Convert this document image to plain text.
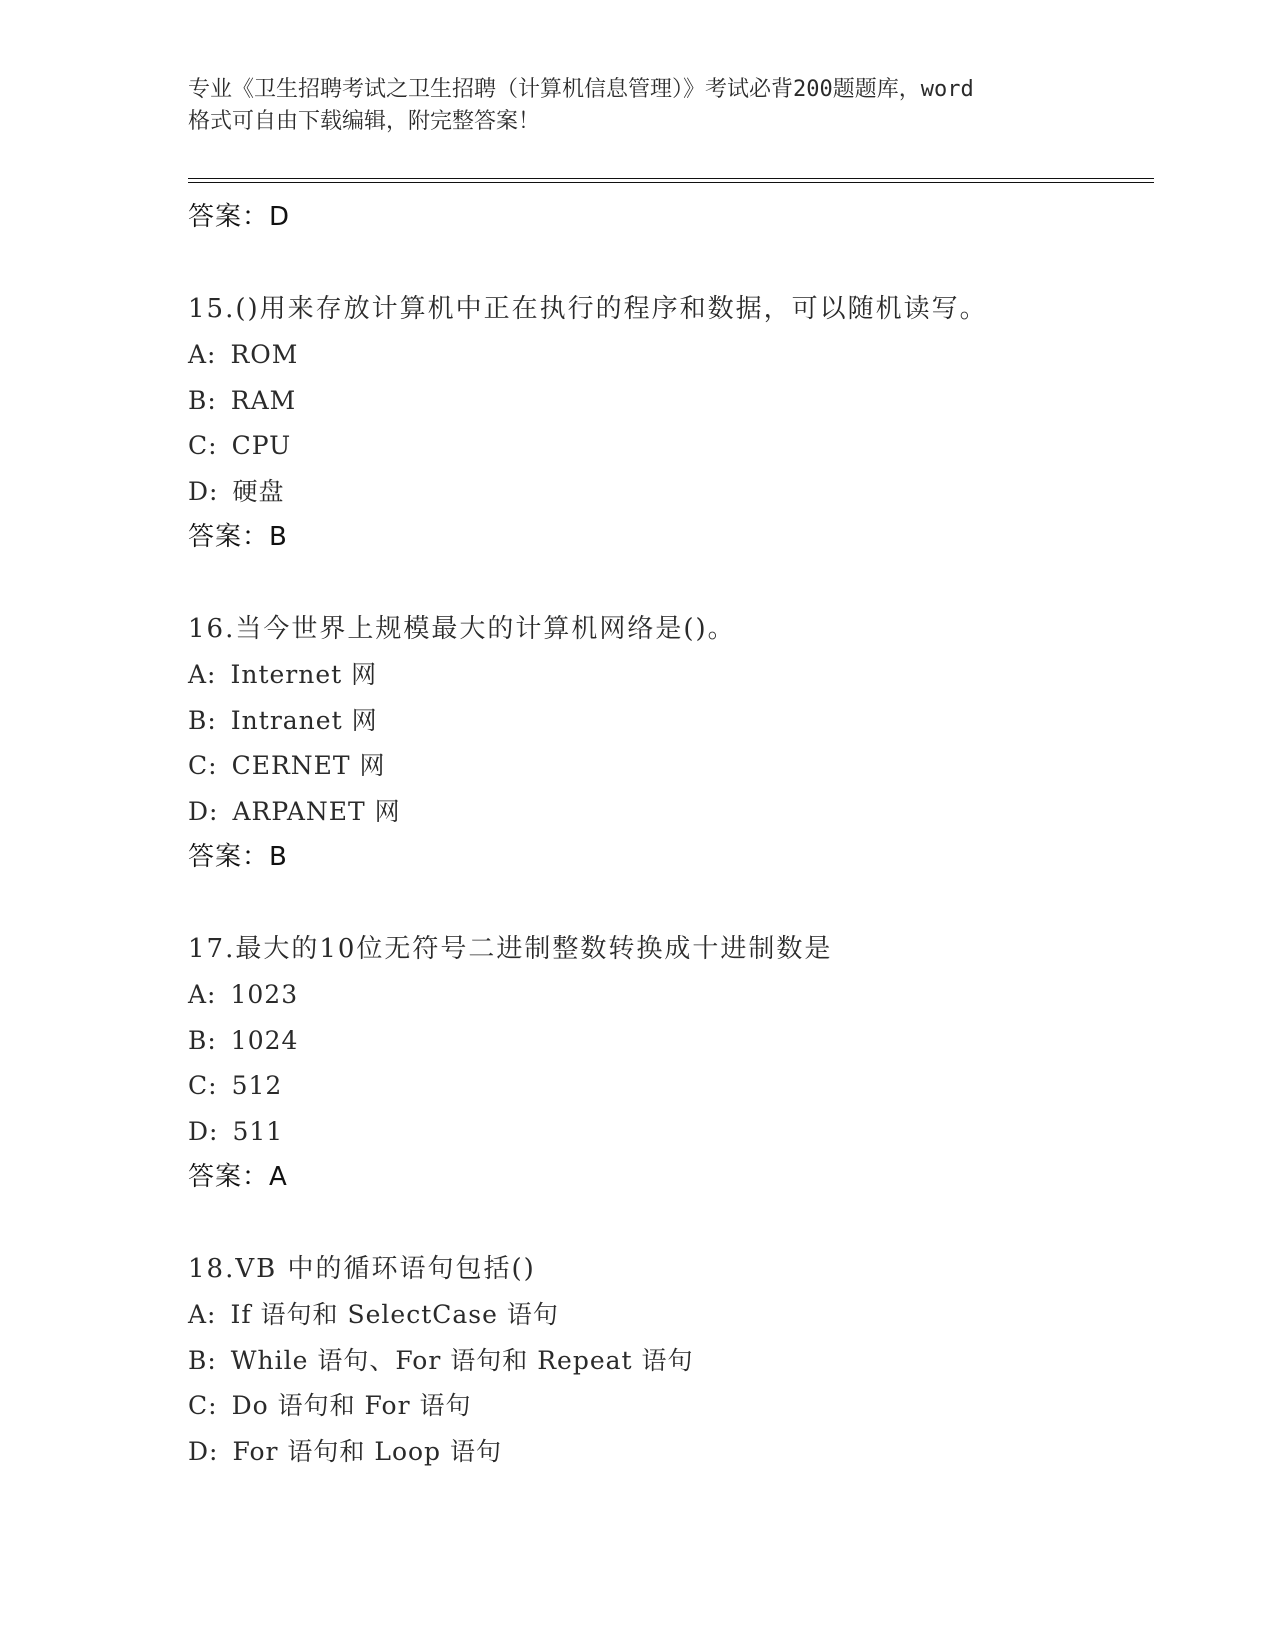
专业《卫生招聘考试之卫生招聘（计算机信息管理）》考试必背200题题库，word
格式可自由下载编辑，附完整答案！
答案：D
15.()用来存放计算机中正在执行的程序和数据，可以随机读写。
A: ROM
B: RAM
C: CPU
D: 硬盘
答案：B
16.当今世界上规模最大的计算机网络是()。
A: Internet 网
B: Intranet 网
C: CERNET 网
D: ARPANET 网
答案：B
17.最大的10位无符号二进制整数转换成十进制数是
A: 1023
B: 1024
C: 512
D: 511
答案：A
18.VB 中的循环语句包括()
A: If 语句和 SelectCase 语句
B: While 语句、For 语句和 Repeat 语句
C: Do 语句和 For 语句
D: For 语句和 Loop 语句
